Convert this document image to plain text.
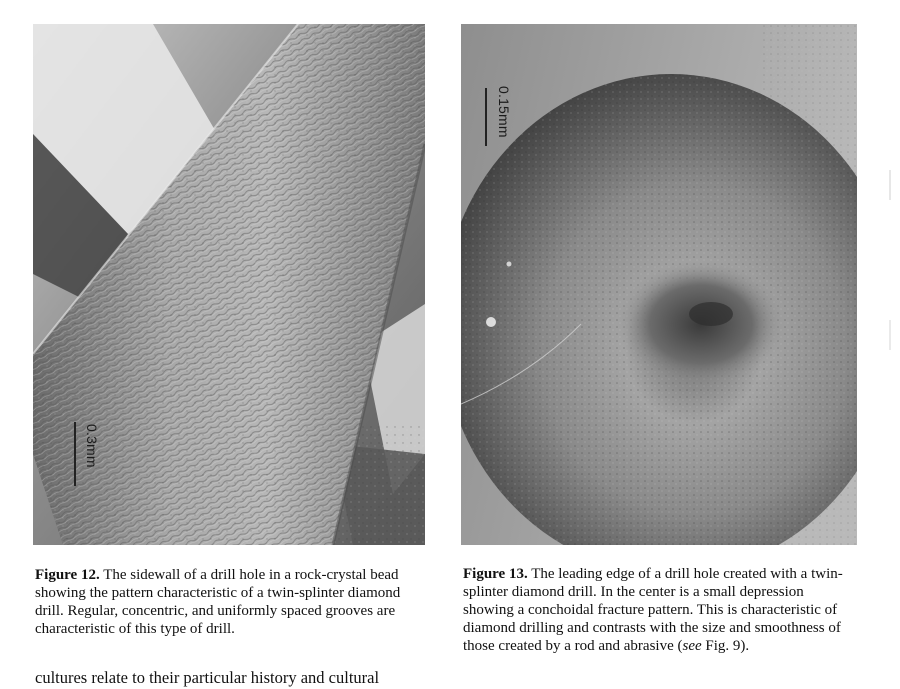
0.3mm
0.15mm
Figure 12. The sidewall of a drill hole in a rock-crystal bead showing the pattern characteristic of a twin-splinter diamond drill. Regular, concentric, and uniformly spaced grooves are characteristic of this type of drill.
Figure 13. The leading edge of a drill hole created with a twin-splinter diamond drill. In the center is a small depression showing a conchoidal fracture pattern. This is characteristic of diamond drilling and contrasts with the size and smoothness of those created by a rod and abrasive (see Fig. 9).
cultures relate to their particular history and cultural
